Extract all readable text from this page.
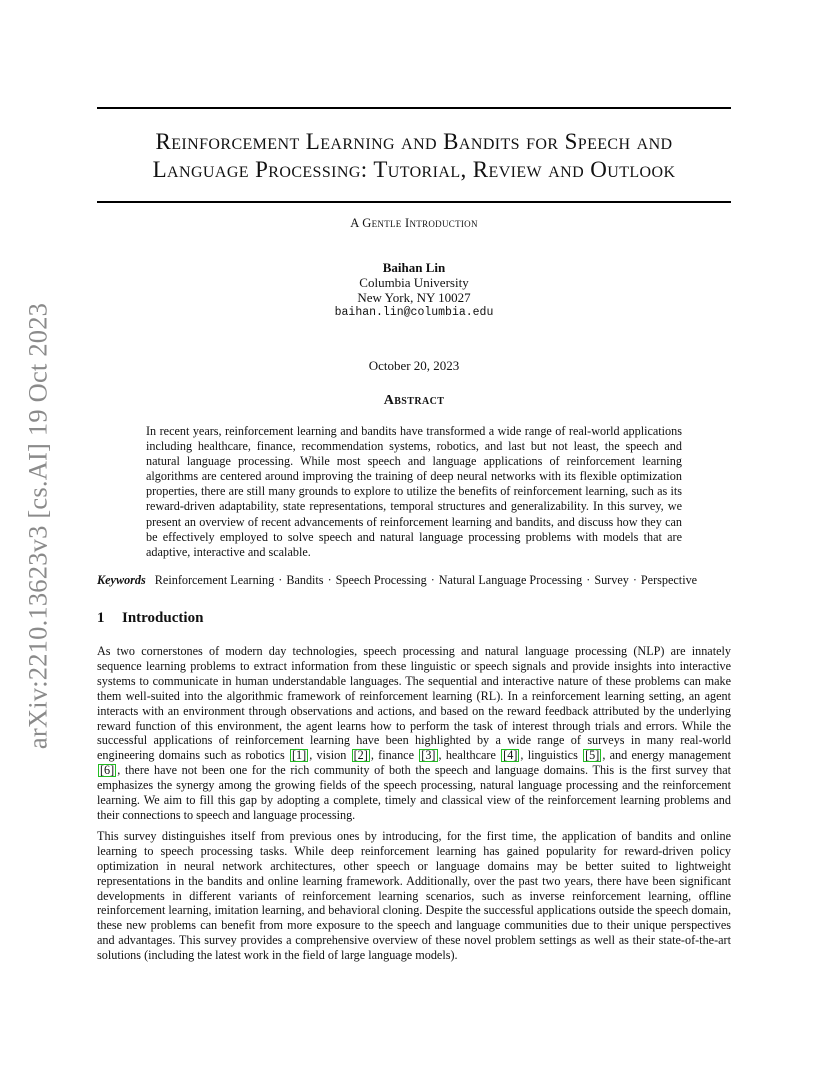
arXiv:2210.13623v3 [cs.AI] 19 Oct 2023
Reinforcement Learning and Bandits for Speech and
Language Processing: Tutorial, Review and Outlook
A Gentle Introduction
Baihan Lin
Columbia University
New York, NY 10027
baihan.lin@columbia.edu
October 20, 2023
Abstract

In recent years, reinforcement learning and bandits have transformed a wide range of real-world applications including healthcare, finance, recommendation systems, robotics, and last but not least, the speech and natural language processing. While most speech and language applications of reinforcement learning algorithms are centered around improving the training of deep neural networks with its flexible optimization properties, there are still many grounds to explore to utilize the benefits of reinforcement learning, such as its reward-driven adaptability, state representations, temporal structures and generalizability. In this survey, we present an overview of recent advancements of reinforcement learning and bandits, and discuss how they can be effectively employed to solve speech and natural language processing problems with models that are adaptive, interactive and scalable.

Keywords Reinforcement Learning · Bandits · Speech Processing · Natural Language Processing · Survey · Perspective
1 Introduction

As two cornerstones of modern day technologies, speech processing and natural language processing (NLP) are innately sequence learning problems to extract information from these linguistic or speech signals and provide insights into interactive systems to communicate in human understandable languages. The sequential and interactive nature of these problems can make them well-suited into the algorithmic framework of reinforcement learning (RL). In a reinforcement learning setting, an agent interacts with an environment through observations and actions, and based on the reward feedback attributed by the underlying reward function of this environment, the agent learns how to perform the task of interest through trials and errors. While the successful applications of reinforcement learning have been highlighted by a wide range of surveys in many real-world engineering domains such as robotics [1] , vision [2] , finance [3] , healthcare [4] , linguistics [5] , and energy management [6] , there have not been one for the rich community of both the speech and language domains. This is the first survey that emphasizes the synergy among the growing fields of the speech processing, natural language processing and the reinforcement learning. We aim to fill this gap by adopting a complete, timely and classical view of the reinforcement learning problems and their connections to speech and language processing.

This survey distinguishes itself from previous ones by introducing, for the first time, the application of bandits and online learning to speech processing tasks. While deep reinforcement learning has gained popularity for reward-driven policy optimization in neural network architectures, other speech or language domains may be better suited to lightweight representations in the bandits and online learning framework. Additionally, over the past two years, there have been significant developments in different variants of reinforcement learning scenarios, such as inverse reinforcement learning, offline reinforcement learning, imitation learning, and behavioral cloning. Despite the successful applications outside the speech domain, these new problems can benefit from more exposure to the speech and language communities due to their unique perspectives and advantages. This survey provides a comprehensive overview of these novel problem settings as well as their state-of-the-art solutions (including the latest work in the field of large language models).
